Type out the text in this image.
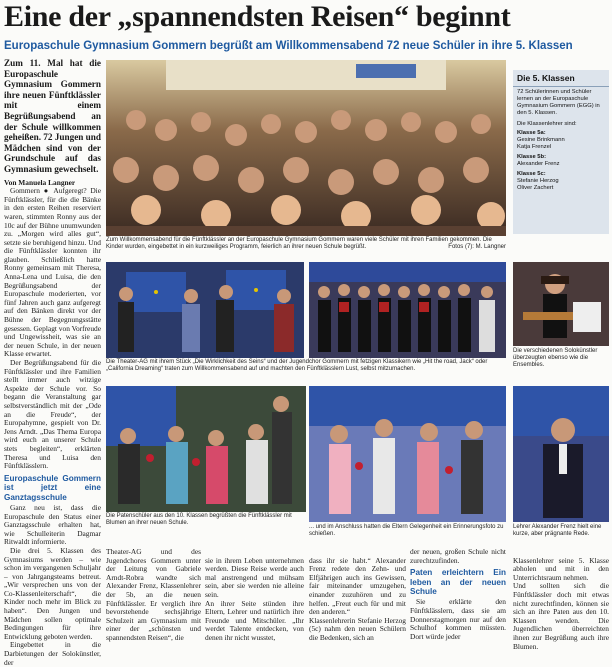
Eine der „spannendsten Reisen“ beginnt
Europaschule Gymnasium Gommern begrüßt am Willkommensabend 72 neue Schüler in ihre 5. Klassen
Zum 11. Mal hat die Europaschule Gymnasium Gommern ihre neuen Fünftklässler mit einem Begrüßungsabend an der Schule willkommen geheißen. 72 Jungen und Mädchen sind von der Grundschule auf das Gymnasium gewechselt.
Von Manuela Langner

Gommern ● Aufgeregt? Die Fünftklässler, für die die Bänke in den ersten Reihen reserviert waren, stimmten Ronny aus der 10c auf der Bühne unumwunden zu. „Morgen wird alles gut“, setzte sie beruhigend hinzu. Und die Fünftklässler konnten ihr glauben. Schließlich hatte Ronny gemeinsam mit Theresa, Anna-Lena und Luisa, die den Begrüßungsabend der Europaschule moderierten, vor fünf Jahren auch ganz aufgeregt auf den Bänken direkt vor der Bühne der Begegnungsstätte gesessen. Geplagt von Vorfreude und Ungewissheit, was sie an der neuen Schule, in der neuen Klasse erwartet.

Der Begrüßungsabend für die Fünftklässler und ihre Familien stellt immer auch witzige Aspekte der Schule vor. So begann die Veranstaltung gar selbstverständlich mit der „Ode an die Freude“, der Europahymne, gespielt von Dr. Jens Arndt. „Das Thema Europa wird euch an unserer Schule stets begleiten“, erklärten Theresa und Luisa den Fünftklässlern.

Europaschule Gommern ist jetzt eine Ganztagsschule

Ganz neu ist, dass die Europaschule den Status einer Ganztagsschule erhalten hat, wie Schulleiterin Dagmar Ritwaldt informierte.

Die drei 5. Klassen des Gymnasiums werden – wie schon im vergangenen Schuljahr – von Jahrgangsteams betreut. „Wir versprechen uns von der Co-Klassenleiterschaft“, die Kinder noch mehr im Blick zu haben“. Den Jungen und Mädchen sollen optimale Bedingungen für ihre Entwicklung geboten werden.

Eingebettet in die Darbietungen der Solokünstler, der

Zum Willkommensabend für die Fünftklässler an der Europaschule Gymnasium Gommern waren viele Schüler mit ihren Familien gekommen. Die Kinder wurden, eingebettet in ein kurzweiliges Programm, feierlich an ihrer neuen Schule begrüßt.	Fotos (7): M. Langner
Die 5. Klassen
72 Schülerinnen und Schüler lernen an der Europaschule Gymnasium Gommern (EGG) in den 5. Klassen.
Die Klassenlehrer sind:
Klasse 5a:
Gesine Brinkmann
Katja Frenzel
Klasse 5b:
Alexander Frenz
Klasse 5c:
Stefanie Herzog
Oliver Zachert
Die Theater-AG mit ihrem Stück „Die Wirklichkeit des Seins“ und der Jugendchor Gommern mit fetzigen Klassikern wie „Hit the road, Jack“ oder „California Dreaming“ traten zum Willkommensabend auf und machten den Fünftklässlern Lust, selbst mitzumachen.
Die verschiedenen Solokünstler überzeugten ebenso wie die Ensembles.
Die Patenschüler aus den 10. Klassen begrüßten die Fünftklässler mit Blumen an ihrer neuen Schule.
... und im Anschluss hatten die Eltern Gelegenheit ein Erinnerungsfoto zu schießen.
Lehrer Alexander Frenz hielt eine kurze, aber prägnante Rede.

Theater-AG und des Jugendchores Gommern unter der Leitung von Gabriele Arndt-Robra wandte sich Alexander Frenz, Klassenlehrer der 5b, an die neuen Fünftklässler. Er verglich ihre bevorstehende sechsjährige Schulzeit am Gymnasium mit einer der „schönsten und spannendsten Reisen“, die

sie in ihrem Leben unternehmen werden. Diese Reise werde auch mal anstrengend und mühsam sein, aber sie werden nie alleine sein.
An ihrer Seite stünden ihre Eltern, Lehrer und natürlich ihre Freunde und Mitschüler. „Ihr werdet Talente entdecken, von denen ihr nicht wusstet,

dass ihr sie habt.“ Alexander Frenz redete den Zehn- und Elfjährigen auch ins Gewissen, fair miteinander umzugehen, einander zuzuhören und zu helfen. „Freut euch für und mit den anderen.“
Klassenlehrerin Stefanie Herzog (5c) nahm den neuen Schülern die Bedenken, sich an

der neuen, großen Schule nicht zurechtzufinden.

Paten erleichtern Ein leben an der neuen Schule

Sie erklärte den Fünftklässlern, dass sie am Donnerstagmorgen nur auf den Schulhof kommen müssten. Dort würde jeder

Klassenlehrer seine 5. Klasse abholen und mit in den Unterrichtsraum nehmen.
Und sollten sich die Fünftklässler doch mit etwas nicht zurechtfinden, können sie sich an ihre Paten aus den 10. Klassen wenden. Die Jugendlichen überreichten ihnen zur Begrüßung auch ihre Blumen.
